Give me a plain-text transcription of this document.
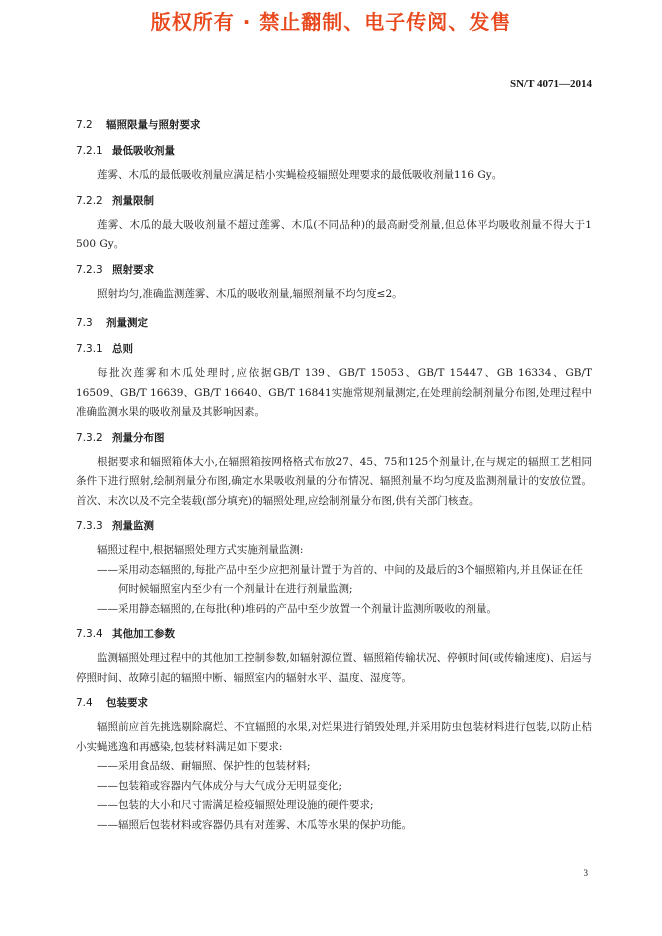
版权所有 · 禁止翻制、电子传阅、发售
SN/T 4071—2014

7.2 辐照限量与照射要求

7.2.1 最低吸收剂量

莲雾、木瓜的最低吸收剂量应满足桔小实蝇检疫辐照处理要求的最低吸收剂量116 Gy。

7.2.2 剂量限制

莲雾、木瓜的最大吸收剂量不超过莲雾、木瓜(不同品种)的最高耐受剂量,但总体平均吸收剂量不得大于1 500 Gy。

7.2.3 照射要求

照射均匀,准确监测莲雾、木瓜的吸收剂量,辐照剂量不均匀度≤2。

7.3 剂量测定

7.3.1 总则

每批次莲雾和木瓜处理时,应依据GB/T 139、GB/T 15053、GB/T 15447、GB 16334、GB/T 16509、GB/T 16639、GB/T 16640、GB/T 16841实施常规剂量测定,在处理前绘制剂量分布图,处理过程中准确监测水果的吸收剂量及其影响因素。

7.3.2 剂量分布图

根据要求和辐照箱体大小,在辐照箱按网格格式布放27、45、75和125个剂量计,在与规定的辐照工艺相同条件下进行照射,绘制剂量分布图,确定水果吸收剂量的分布情况、辐照剂量不均匀度及监测剂量计的安放位置。首次、末次以及不完全装载(部分填充)的辐照处理,应绘制剂量分布图,供有关部门核查。

7.3.3 剂量监测

辐照过程中,根据辐照处理方式实施剂量监测:

——采用动态辐照的,每批产品中至少应把剂量计置于为首的、中间的及最后的3个辐照箱内,并且保证在任何时候辐照室内至少有一个剂量计在进行剂量监测;

——采用静态辐照的,在每批(种)堆码的产品中至少放置一个剂量计监测所吸收的剂量。

7.3.4 其他加工参数

监测辐照处理过程中的其他加工控制参数,如辐射源位置、辐照箱传输状况、停顿时间(或传输速度)、启运与停照时间、故障引起的辐照中断、辐照室内的辐射水平、温度、湿度等。

7.4 包装要求

辐照前应首先挑选剔除腐烂、不宜辐照的水果,对烂果进行销毁处理,并采用防虫包装材料进行包装,以防止桔小实蝇逃逸和再感染,包装材料满足如下要求:

——采用食品级、耐辐照、保护性的包装材料;

——包装箱或容器内气体成分与大气成分无明显变化;

——包装的大小和尺寸需满足检疫辐照处理设施的硬件要求;

——辐照后包装材料或容器仍具有对莲雾、木瓜等水果的保护功能。

3
